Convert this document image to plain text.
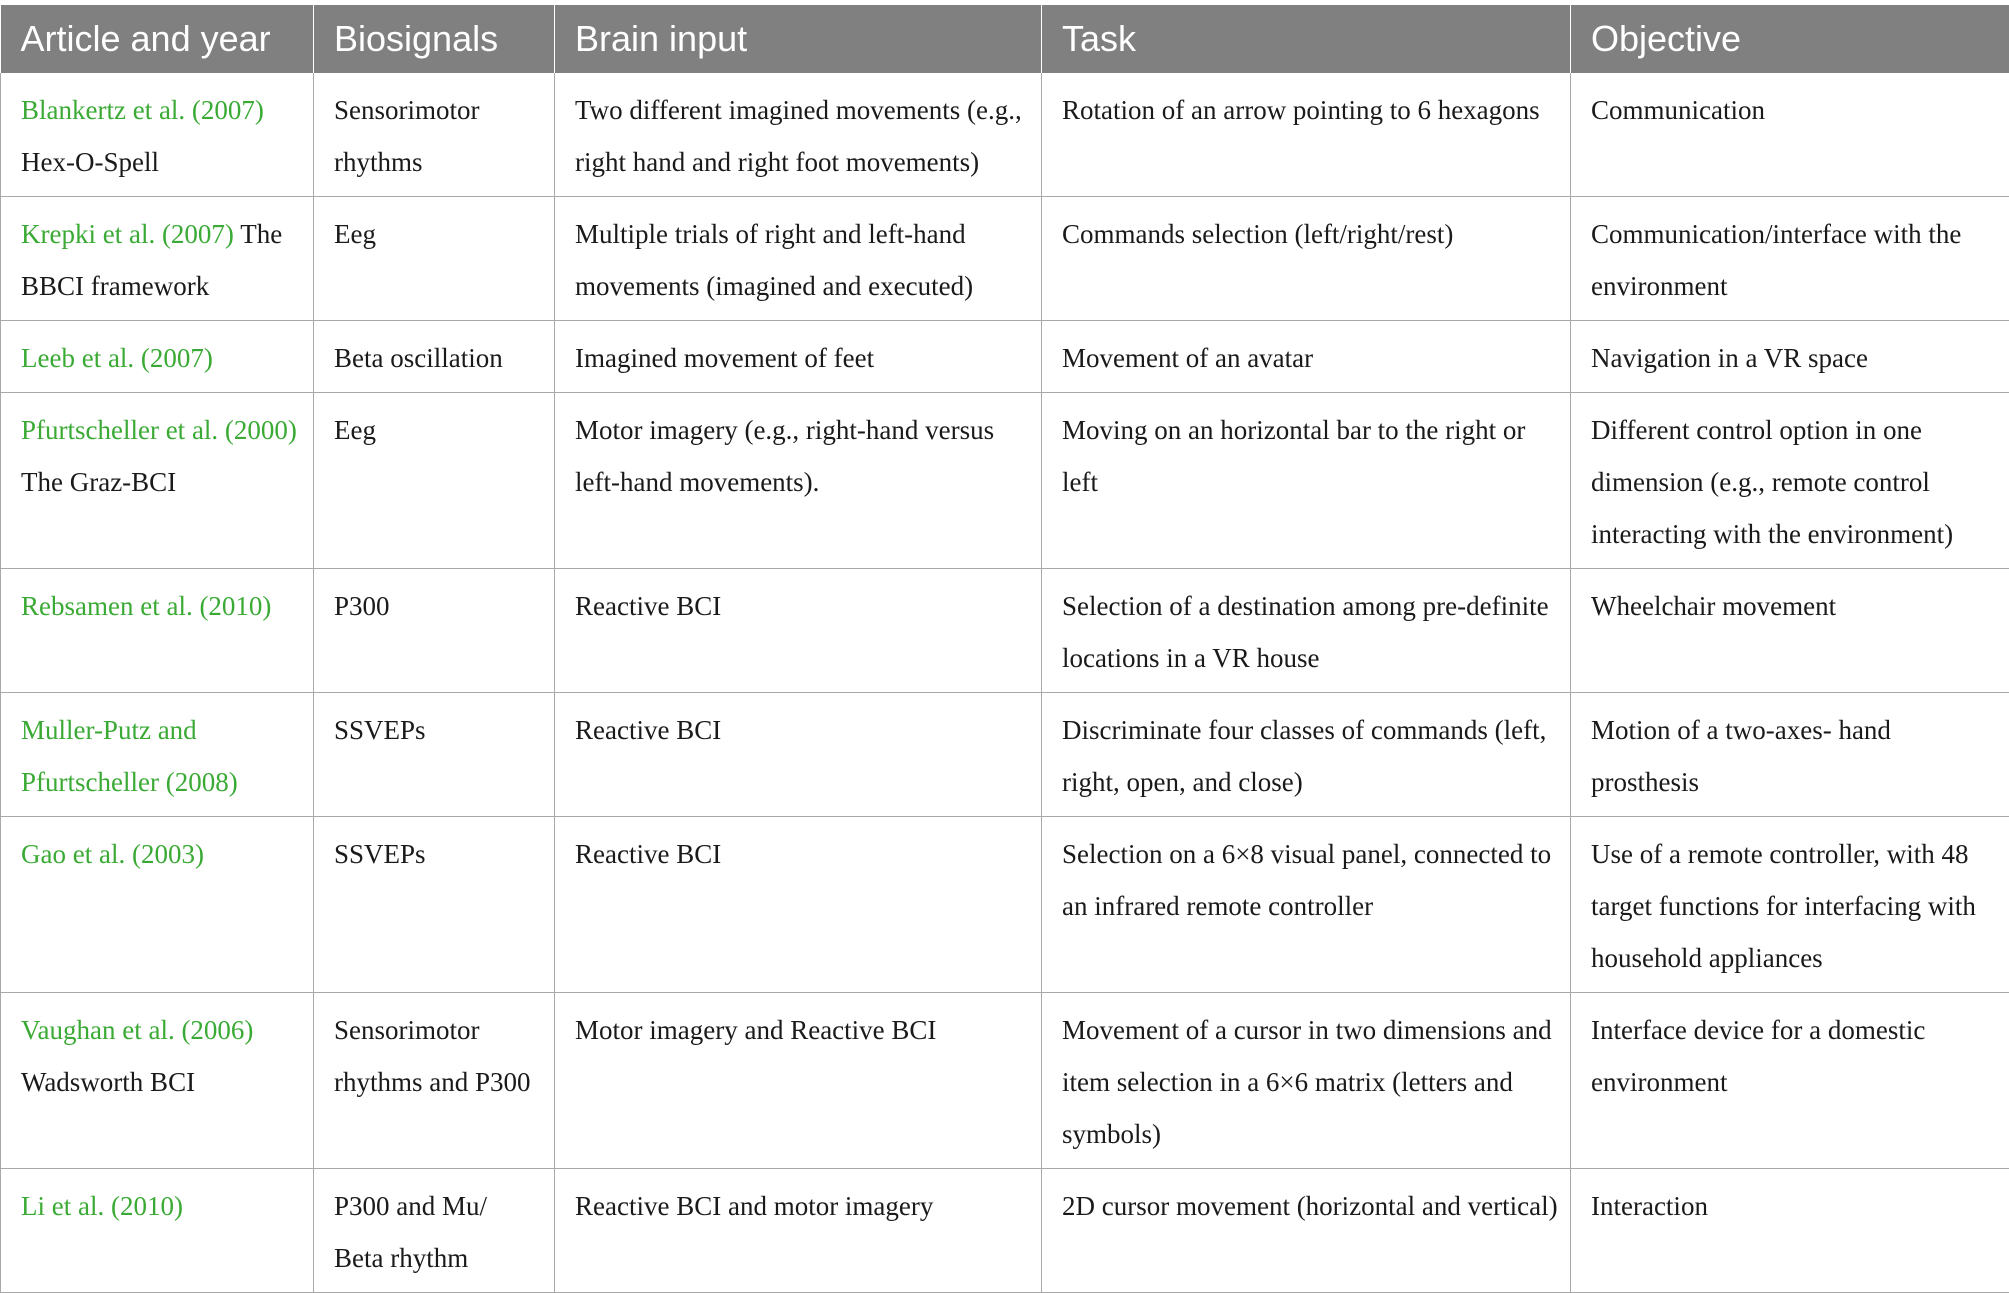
Article and year	Biosignals	Brain input	Task	Objective
Blankertz et al. (2007) Hex-O-Spell	Sensorimotor rhythms	Two different imagined movements (e.g., right hand and right foot movements)	Rotation of an arrow pointing to 6 hexagons	Communication
Krepki et al. (2007) The BBCI framework	Eeg	Multiple trials of right and left-hand movements (imagined and executed)	Commands selection (left/right/rest)	Communication/interface with the environment
Leeb et al. (2007)	Beta oscillation	Imagined movement of feet	Movement of an avatar	Navigation in a VR space
Pfurtscheller et al. (2000) The Graz-BCI	Eeg	Motor imagery (e.g., right-hand versus left-hand movements).	Moving on an horizontal bar to the right or left	Different control option in one dimension (e.g., remote control interacting with the environment)
Rebsamen et al. (2010)	P300	Reactive BCI	Selection of a destination among pre-definite locations in a VR house	Wheelchair movement
Muller-Putz and Pfurtscheller (2008)	SSVEPs	Reactive BCI	Discriminate four classes of commands (left, right, open, and close)	Motion of a two-axes- hand prosthesis
Gao et al. (2003)	SSVEPs	Reactive BCI	Selection on a 6×8 visual panel, connected to an infrared remote controller	Use of a remote controller, with 48 target functions for interfacing with household appliances
Vaughan et al. (2006) Wadsworth BCI	Sensorimotor rhythms and P300	Motor imagery and Reactive BCI	Movement of a cursor in two dimensions and item selection in a 6×6 matrix (letters and symbols)	Interface device for a domestic environment
Li et al. (2010)	P300 and Mu/ Beta rhythm	Reactive BCI and motor imagery	2D cursor movement (horizontal and vertical)	Interaction
